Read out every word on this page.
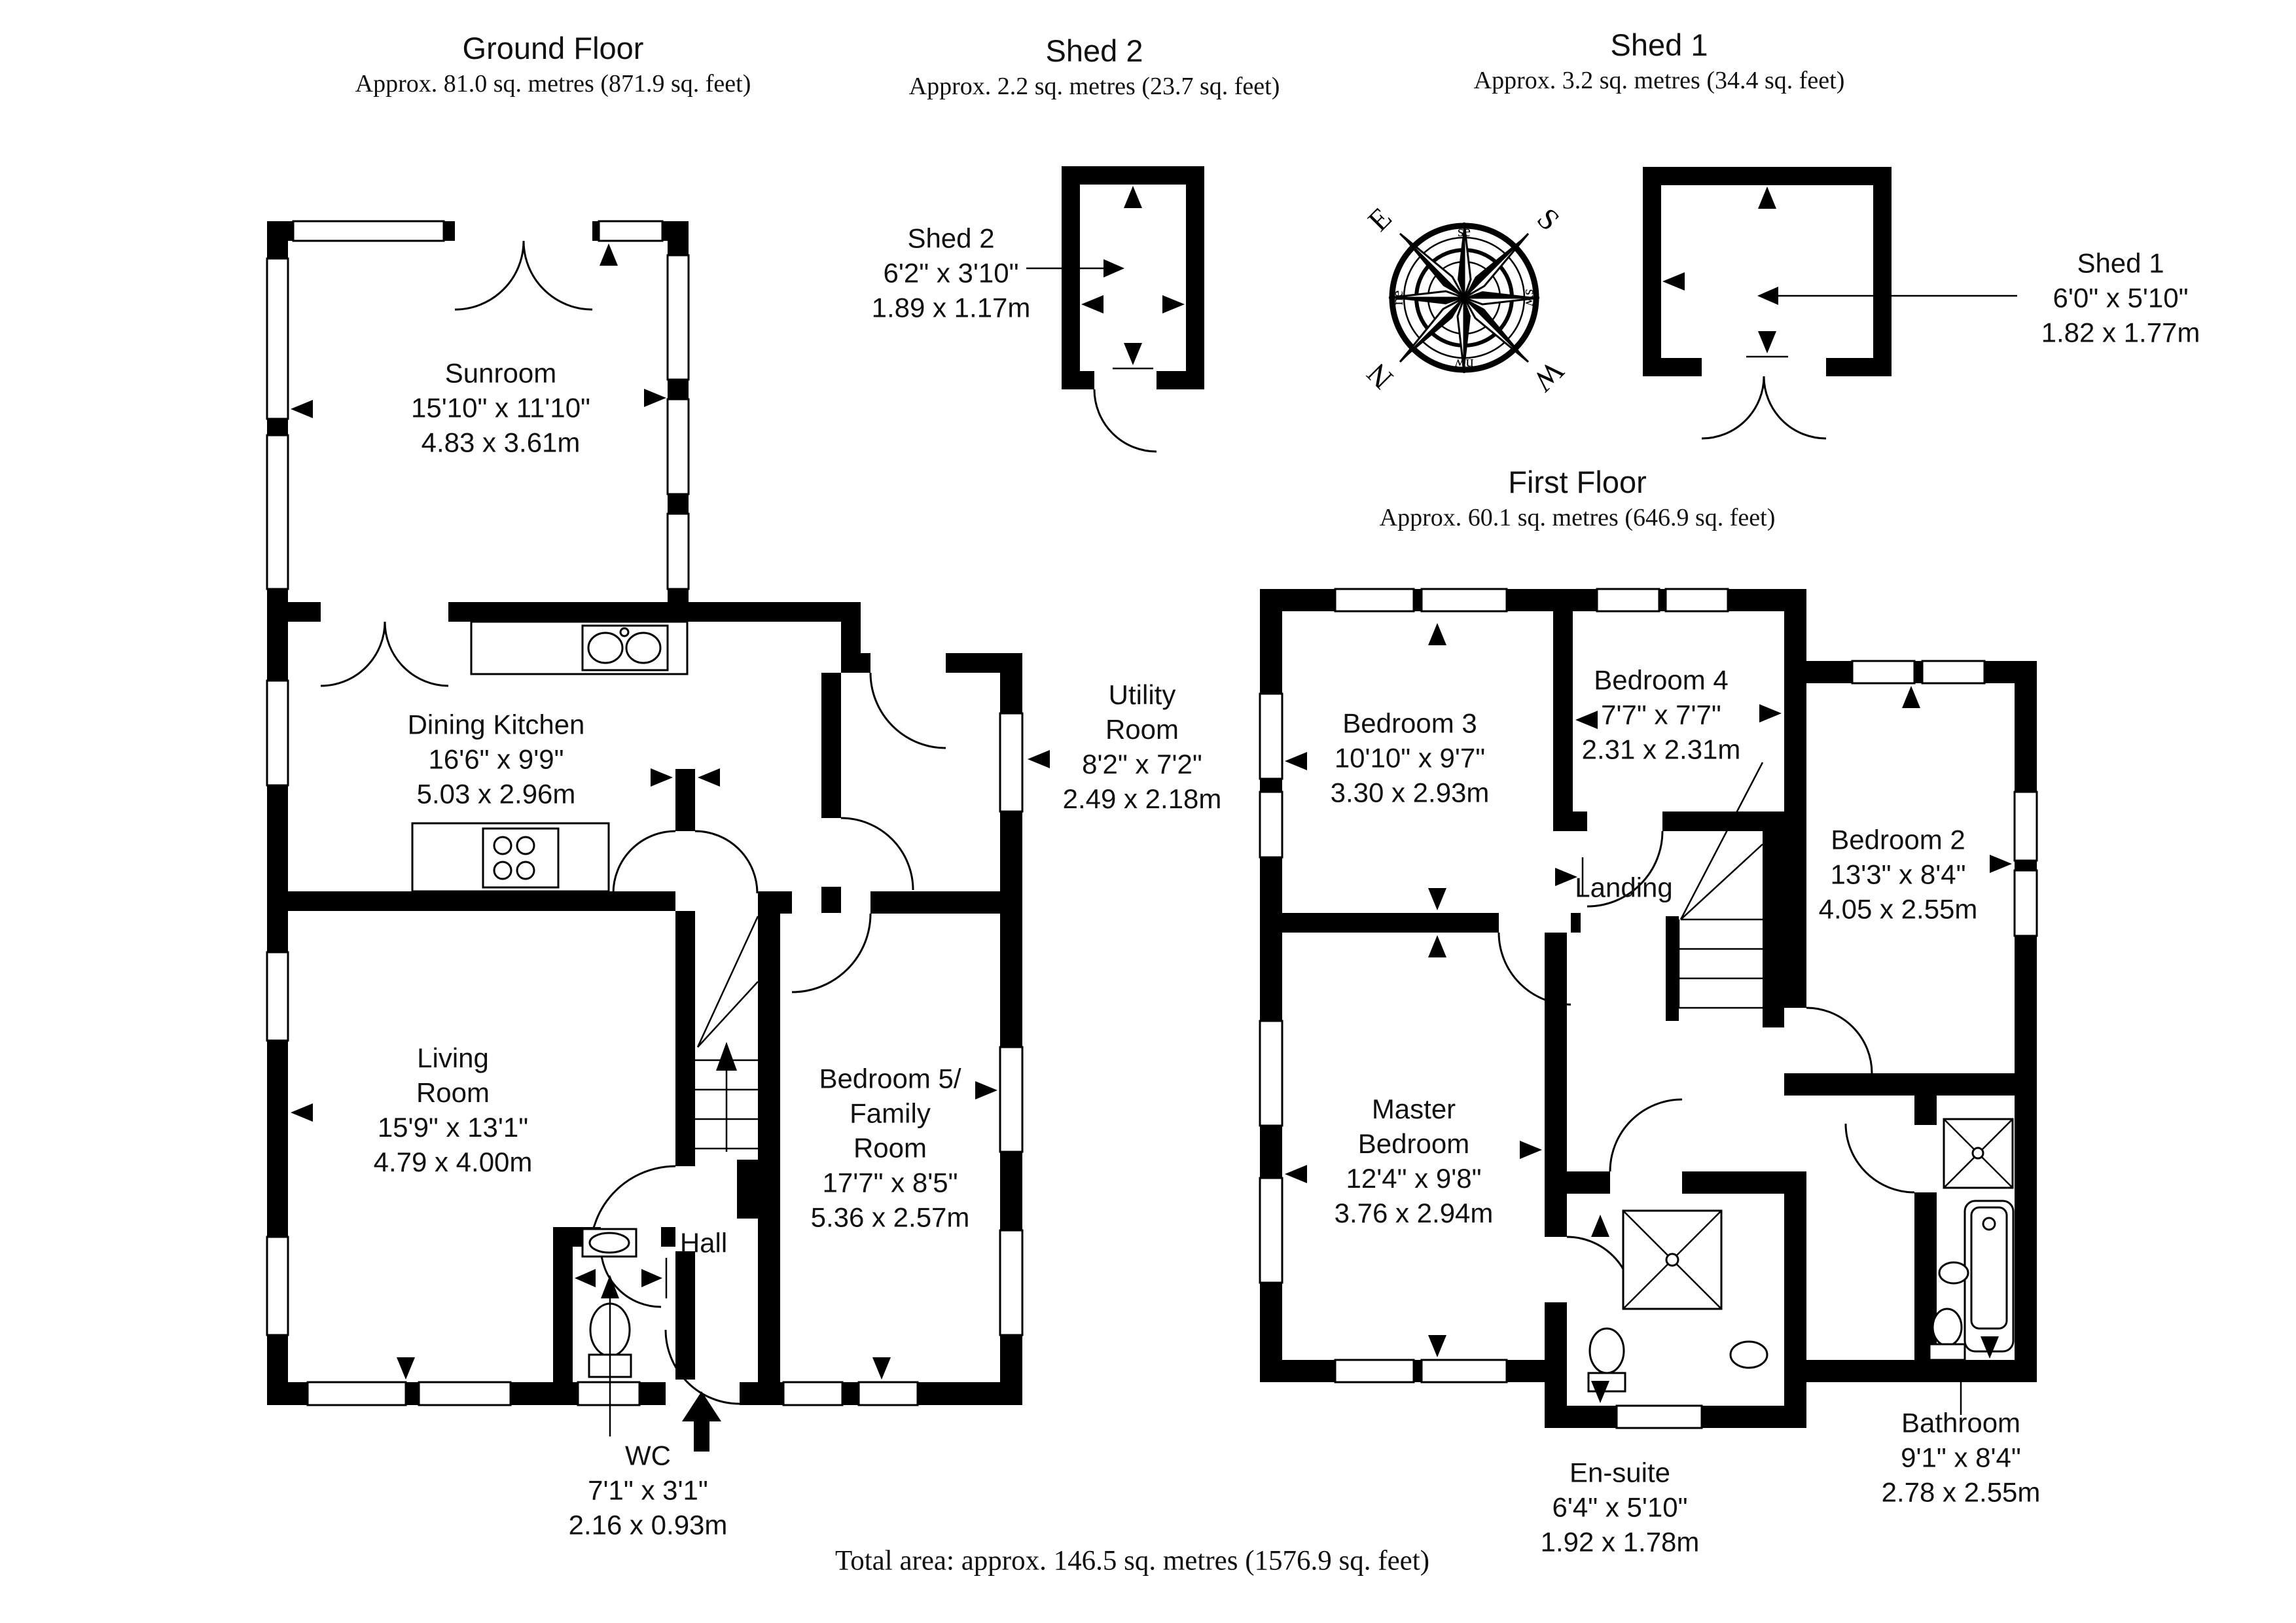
E	S
W
N
se
ne	sw
nw
Ground Floor
Approx. 81.0 sq. metres (871.9 sq. feet)
Shed 2
Approx. 2.2 sq. metres (23.7 sq. feet)
Shed 1
Approx. 3.2 sq. metres (34.4 sq. feet)
First Floor
Approx. 60.1 sq. metres (646.9 sq. feet)
Sunroom
15'10" x 11'10"
4.83 x 3.61m
Dining Kitchen
16'6" x 9'9"
5.03 x 2.96m
Utility
Room
8'2" x 7'2"
2.49 x 2.18m
Living
Room
15'9" x 13'1"
4.79 x 4.00m
Bedroom 5/
Family
Room
17'7" x 8'5"
5.36 x 2.57m
Hall
WC
7'1" x 3'1"
2.16 x 0.93m
Shed 2
6'2" x 3'10"
1.89 x 1.17m
Shed 1
6'0" x 5'10"
1.82 x 1.77m
Bedroom 3
10'10" x 9'7"
3.30 x 2.93m
Bedroom 4
7'7" x 7'7"
2.31 x 2.31m
Bedroom 2
13'3" x 8'4"
4.05 x 2.55m
Landing
Master
Bedroom
12'4" x 9'8"
3.76 x 2.94m
En-suite
6'4" x 5'10"
1.92 x 1.78m
Bathroom
9'1" x 8'4"
2.78 x 2.55m
Total area: approx. 146.5 sq. metres (1576.9 sq. feet)
